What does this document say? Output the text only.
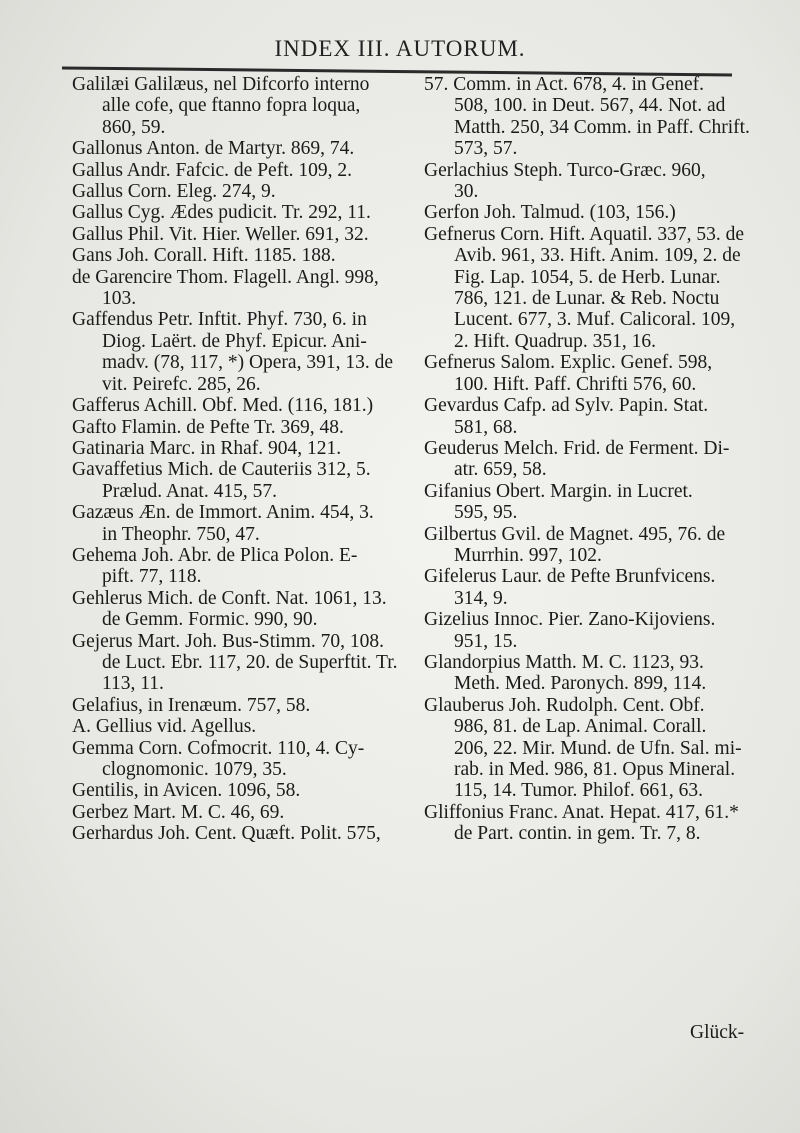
INDEX III. AUTORUM.
Galilæi Galilæus, nel Difcorfo interno
alle cofe, que ftanno fopra loqua,
860, 59.
Gallonus Anton. de Martyr. 869, 74.
Gallus Andr. Fafcic. de Peft. 109, 2.
Gallus Corn. Eleg. 274, 9.
Gallus Cyg. Ædes pudicit. Tr. 292, 11.
Gallus Phil. Vit. Hier. Weller. 691, 32.
Gans Joh. Corall. Hift. 1185. 188.
de Garencire Thom. Flagell. Angl. 998,
103.
Gaffendus Petr. Inftit. Phyf. 730, 6. in
Diog. Laërt. de Phyf. Epicur. Ani-
madv. (78, 117, *) Opera, 391, 13. de
vit. Peirefc. 285, 26.
Gafferus Achill. Obf. Med. (116, 181.)
Gafto Flamin. de Pefte Tr. 369, 48.
Gatinaria Marc. in Rhaf. 904, 121.
Gavaffetius Mich. de Cauteriis 312, 5.
Prælud. Anat. 415, 57.
Gazæus Æn. de Immort. Anim. 454, 3.
in Theophr. 750, 47.
Gehema Joh. Abr. de Plica Polon. E-
pift. 77, 118.
Gehlerus Mich. de Conft. Nat. 1061, 13.
de Gemm. Formic. 990, 90.
Gejerus Mart. Joh. Bus-Stimm. 70, 108.
de Luct. Ebr. 117, 20. de Superftit. Tr.
113, 11.
Gelafius, in Irenæum. 757, 58.
A. Gellius vid. Agellus.
Gemma Corn. Cofmocrit. 110, 4. Cy-
clognomonic. 1079, 35.
Gentilis, in Avicen. 1096, 58.
Gerbez Mart. M. C. 46, 69.
Gerhardus Joh. Cent. Quæft. Polit. 575,
57. Comm. in Act. 678, 4. in Genef.
508, 100. in Deut. 567, 44. Not. ad
Matth. 250, 34 Comm. in Paff. Chrift.
573, 57.
Gerlachius Steph. Turco-Græc. 960,
30.
Gerfon Joh. Talmud. (103, 156.)
Gefnerus Corn. Hift. Aquatil. 337, 53. de
Avib. 961, 33. Hift. Anim. 109, 2. de
Fig. Lap. 1054, 5. de Herb. Lunar.
786, 121. de Lunar. & Reb. Noctu
Lucent. 677, 3. Muf. Calicoral. 109,
2. Hift. Quadrup. 351, 16.
Gefnerus Salom. Explic. Genef. 598,
100. Hift. Paff. Chrifti 576, 60.
Gevardus Cafp. ad Sylv. Papin. Stat.
581, 68.
Geuderus Melch. Frid. de Ferment. Di-
atr. 659, 58.
Gifanius Obert. Margin. in Lucret.
595, 95.
Gilbertus Gvil. de Magnet. 495, 76. de
Murrhin. 997, 102.
Gifelerus Laur. de Pefte Brunfvicens.
314, 9.
Gizelius Innoc. Pier. Zano-Kijoviens.
951, 15.
Glandorpius Matth. M. C. 1123, 93.
Meth. Med. Paronych. 899, 114.
Glauberus Joh. Rudolph. Cent. Obf.
986, 81. de Lap. Animal. Corall.
206, 22. Mir. Mund. de Ufn. Sal. mi-
rab. in Med. 986, 81. Opus Mineral.
115, 14. Tumor. Philof. 661, 63.
Gliffonius Franc. Anat. Hepat. 417, 61.*
de Part. contin. in gem. Tr. 7, 8.
Glück-
